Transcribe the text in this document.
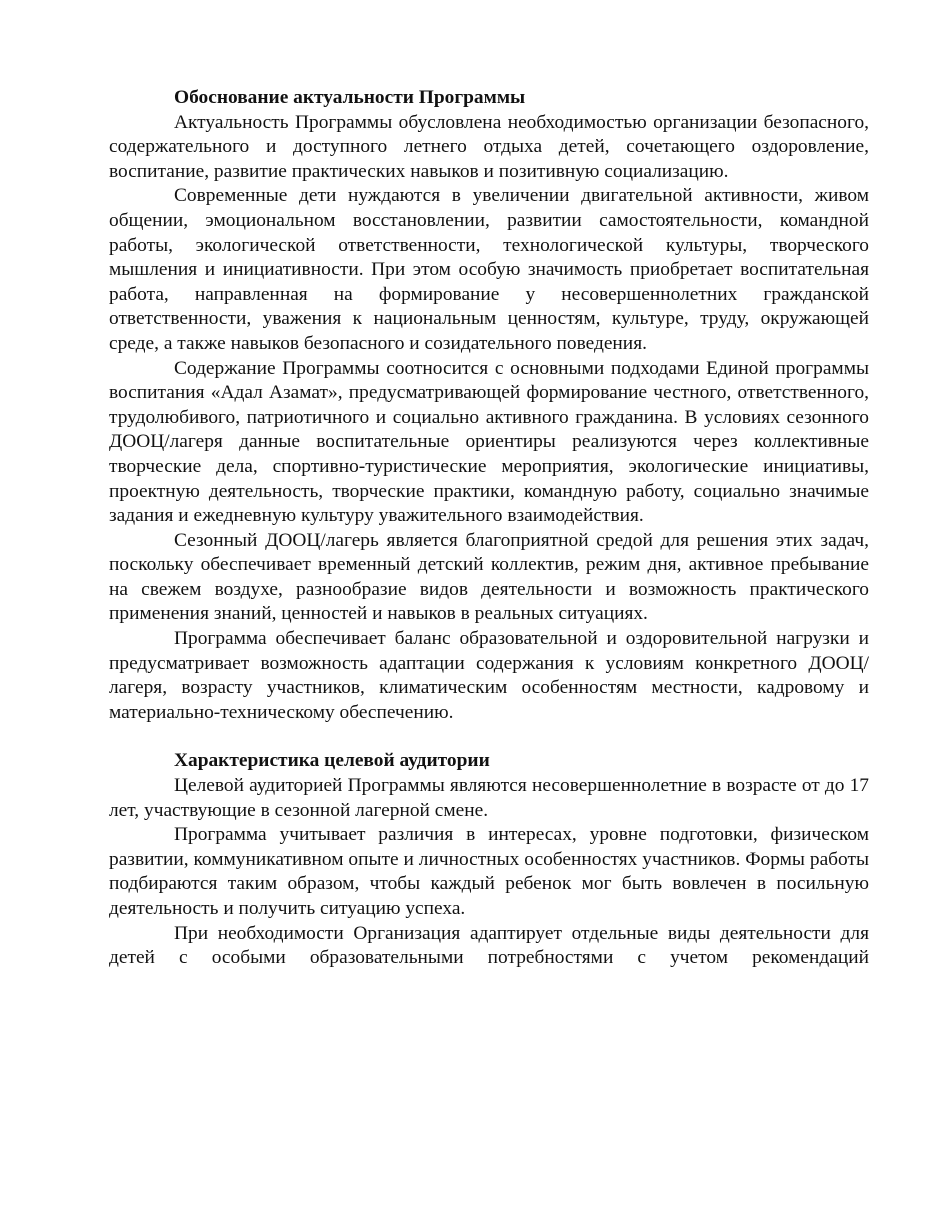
Обоснование актуальности Программы

Актуальность Программы обусловлена необходимостью организации безопасного, содержательного и доступного летнего отдыха детей, сочетающего оздоровление, воспитание, развитие практических навыков и позитивную социализацию.

Современные дети нуждаются в увеличении двигательной активности, живом общении, эмоциональном восстановлении, развитии самостоятельности, командной работы, экологической ответственности, технологической культуры, творческого мышления и инициативности. При этом особую значимость приобретает воспитательная работа, направленная на формирование у несовершеннолетних гражданской ответственности, уважения к национальным ценностям, культуре, труду, окружающей среде, а также навыков безопасного и созидательного поведения.

Содержание Программы соотносится с основными подходами Единой программы воспитания «Адал Азамат», предусматривающей формирование честного, ответственного, трудолюбивого, патриотичного и социально активного гражданина. В условиях сезонного ДООЦ/лагеря данные воспитательные ориентиры реализуются через коллективные творческие дела, спортивно-туристические мероприятия, экологические инициативы, проектную деятельность, творческие практики, командную работу, социально значимые задания и ежедневную культуру уважительного взаимодействия.

Сезонный ДООЦ/лагерь является благоприятной средой для решения этих задач, поскольку обеспечивает временный детский коллектив, режим дня, активное пребывание на свежем воздухе, разнообразие видов деятельности и возможность практического применения знаний, ценностей и навыков в реальных ситуациях.

Программа обеспечивает баланс образовательной и оздоровительной нагрузки и предусматривает возможность адаптации содержания к условиям конкретного ДООЦ/лагеря, возрасту участников, климатическим особенностям местности, кадровому и материально-техническому обеспечению.

Характеристика целевой аудитории

Целевой аудиторией Программы являются несовершеннолетние в возрасте от до 17 лет, участвующие в сезонной лагерной смене.

Программа учитывает различия в интересах, уровне подготовки, физическом развитии, коммуникативном опыте и личностных особенностях участников. Формы работы подбираются таким образом, чтобы каждый ребенок мог быть вовлечен в посильную деятельность и получить ситуацию успеха.

При необходимости Организация адаптирует отдельные виды деятельности для детей с особыми образовательными потребностями с учетом рекомендаций
